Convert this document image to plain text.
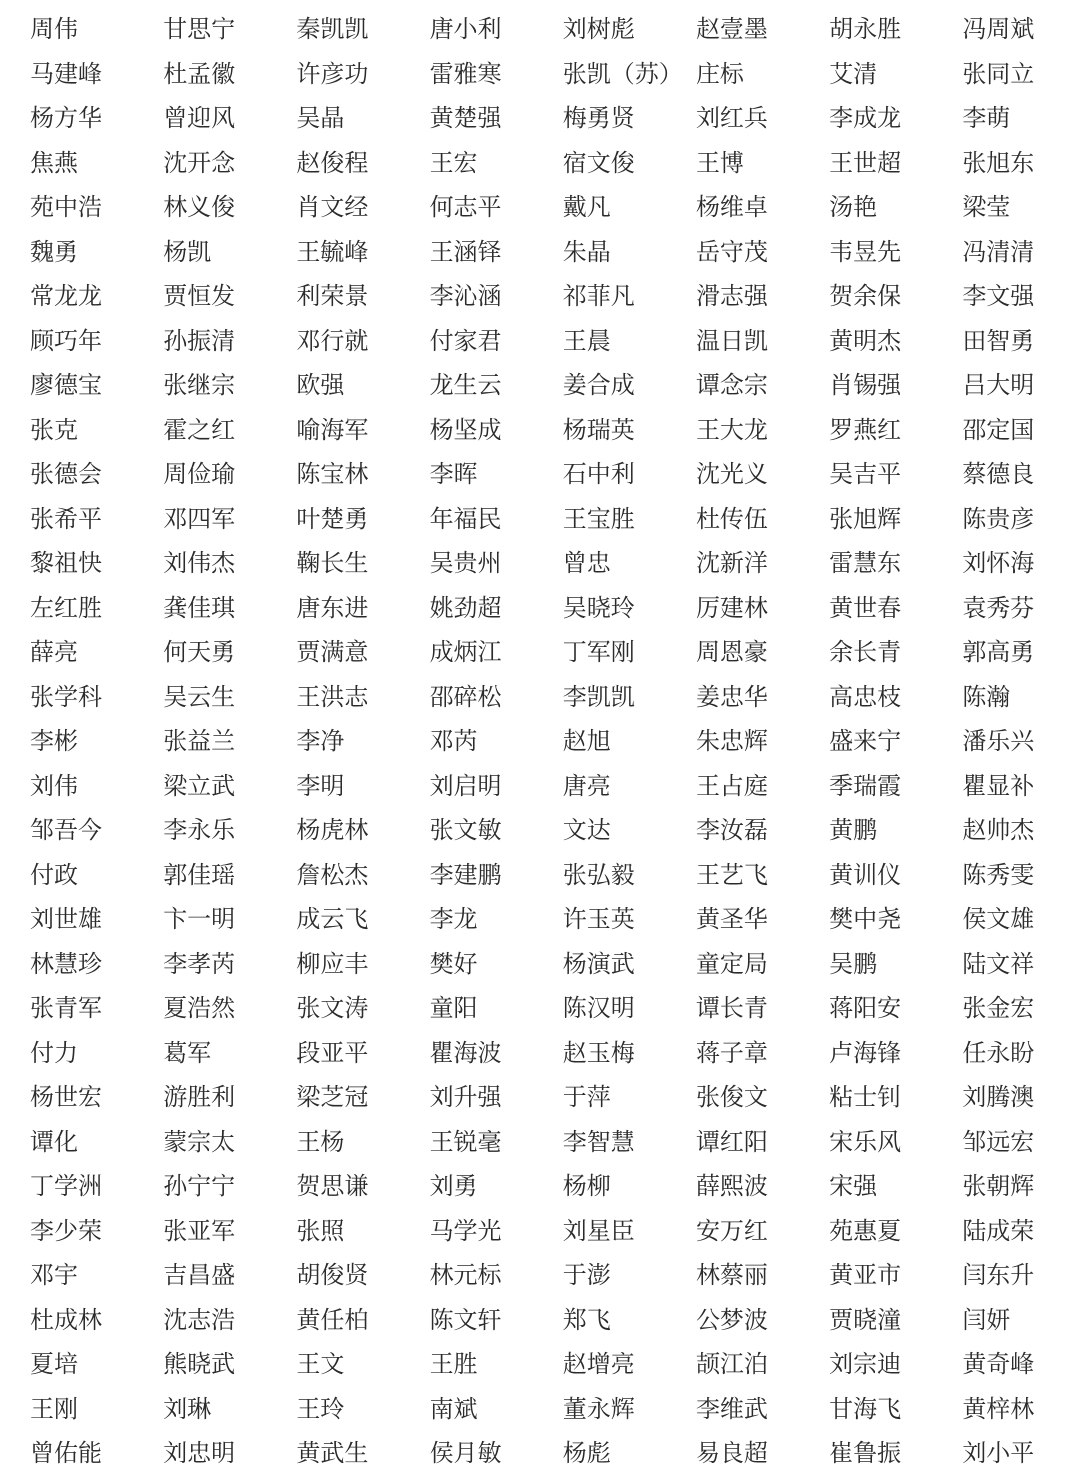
周伟	甘思宁	秦凯凯	唐小利	刘树彪	赵壹墨	胡永胜	冯周斌
马建峰	杜孟徽	许彦功	雷雅寒	张凯（苏） 庄标	艾清	张同立
杨方华	曾迎风	吴晶	黄楚强	梅勇贤	刘红兵	李成龙	李萌
焦燕	沈开念	赵俊程	王宏	宿文俊	王博	王世超	张旭东
苑中浩	林义俊	肖文经	何志平	戴凡	杨维卓	汤艳	梁莹
魏勇	杨凯	王毓峰	王涵铎	朱晶	岳守茂	韦昱先	冯清清
常龙龙	贾恒发	利荣景	李沁涵	祁菲凡	滑志强	贺余保	李文强
顾巧年	孙振清	邓行就	付家君	王晨	温日凯	黄明杰	田智勇
廖德宝	张继宗	欧强	龙生云	姜合成	谭念宗	肖锡强	吕大明
张克	霍之红	喻海军	杨坚成	杨瑞英	王大龙	罗燕红	邵定国
张德会	周俭瑜	陈宝林	李晖	石中利	沈光义	吴吉平	蔡德良
张希平	邓四军	叶楚勇	年福民	王宝胜	杜传伍	张旭辉	陈贵彦
黎祖快	刘伟杰	鞠长生	吴贵州	曾忠	沈新洋	雷慧东	刘怀海
左红胜	龚佳琪	唐东进	姚劲超	吴晓玲	厉建林	黄世春	袁秀芬
薛亮	何天勇	贾满意	成炳江	丁军刚	周恩豪	余长青	郭高勇
张学科	吴云生	王洪志	邵碎松	李凯凯	姜忠华	高忠枝	陈瀚
李彬	张益兰	李净	邓芮	赵旭	朱忠辉	盛来宁	潘乐兴
刘伟	梁立武	李明	刘启明	唐亮	王占庭	季瑞霞	瞿显补
邹吾今	李永乐	杨虎林	张文敏	文达	李汝磊	黄鹏	赵帅杰
付政	郭佳瑶	詹松杰	李建鹏	张弘毅	王艺飞	黄训仪	陈秀雯
刘世雄	卞一明	成云飞	李龙	许玉英	黄圣华	樊中尧	侯文雄
林慧珍	李孝芮	柳应丰	樊好	杨演武	童定局	吴鹏	陆文祥
张青军	夏浩然	张文涛	童阳	陈汉明	谭长青	蒋阳安	张金宏
付力	葛军	段亚平	瞿海波	赵玉梅	蒋子章	卢海锋	任永盼
杨世宏	游胜利	梁芝冠	刘升强	于萍	张俊文	粘士钊	刘腾澳
谭化	蒙宗太	王杨	王锐毫	李智慧	谭红阳	宋乐风	邹远宏
丁学洲	孙宁宁	贺思谦	刘勇	杨柳	薛熙波	宋强	张朝辉
李少荣	张亚军	张照	马学光	刘星臣	安万红	苑惠夏	陆成荣
邓宇	吉昌盛	胡俊贤	林元标	于澎	林蔡丽	黄亚市	闫东升
杜成林	沈志浩	黄任柏	陈文轩	郑飞	公梦波	贾晓潼	闫妍
夏培	熊晓武	王文	王胜	赵增亮	颉江泊	刘宗迪	黄奇峰
王刚	刘琳	王玲	南斌	董永辉	李维武	甘海飞	黄梓林
曾佑能	刘忠明	黄武生	侯月敏	杨彪	易良超	崔鲁振	刘小平
